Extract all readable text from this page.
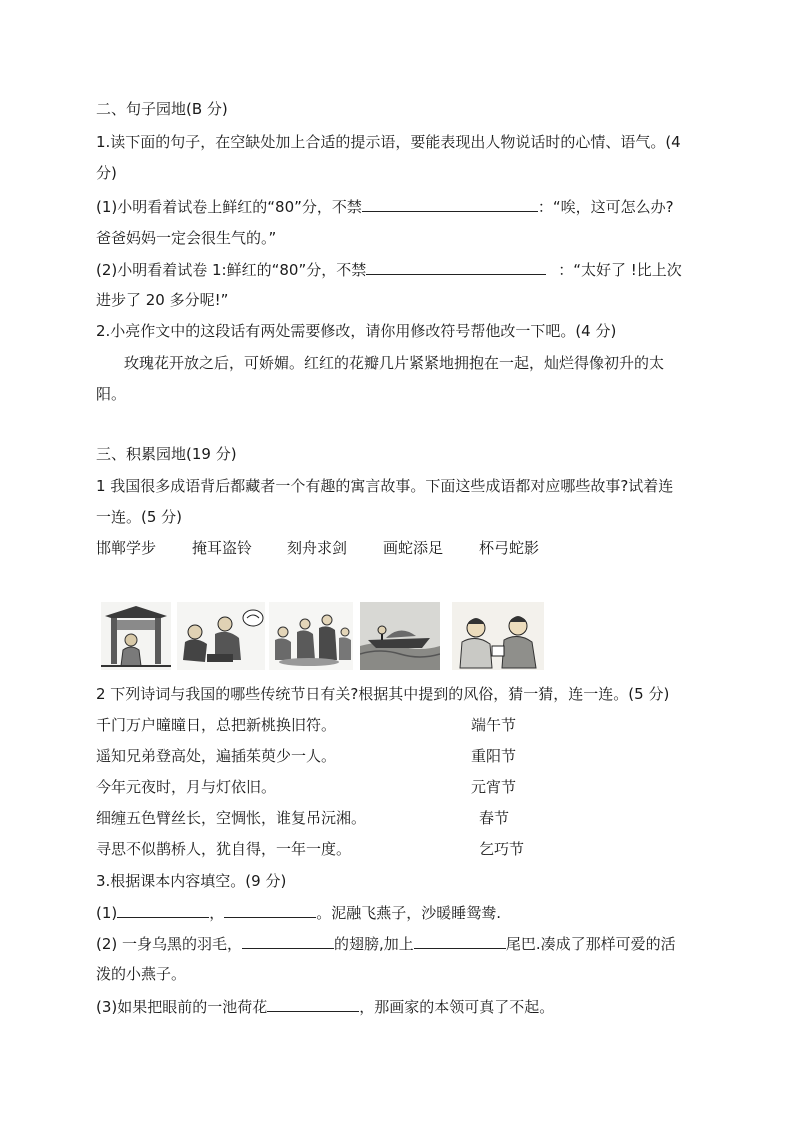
二、句子园地(B 分)
1.读下面的句子，在空缺处加上合适的提示语，要能表现出人物说话时的心情、语气。(4
分)
(1)小明看着试卷上鲜红的“80”分，不禁	：“唉，这可怎么办?
爸爸妈妈一定会很生气的。”
(2)小明看着试卷 1:鲜红的“80”分，不禁	：“太好了 !比上次
进步了 20 多分呢!”
2.小亮作文中的这段话有两处需要修改，请你用修改符号帮他改一下吧。(4 分)
玫瑰花开放之后，可娇媚。红红的花瓣几片紧紧地拥抱在一起，灿烂得像初升的太
阳。
三、积累园地(19 分)
1 我国很多成语背后都藏者一个有趣的寓言故事。下面这些成语都对应哪些故事?试着连
一连。(5 分)
邯郸学步 掩耳盗铃 刻舟求剑 画蛇添足 杯弓蛇影
2 下列诗词与我国的哪些传统节日有关?根据其中提到的风俗，猜一猜，连一连。(5 分)
千门万户曈曈日，总把新桃换旧符。
遥知兄弟登高处，遍插茱萸少一人。
今年元夜时，月与灯依旧。
细缠五色臂丝长，空惆怅，谁复吊沅湘。
寻思不似鹊桥人，犹自得，一年一度。
端午节
重阳节
元宵节
春节
乞巧节
3.根据课本内容填空。(9 分)
(1)	，	。泥融飞燕子，沙暖睡鸳鸯.
(2) 一身乌黑的羽毛，	的翅膀,加上	尾巴.凑成了那样可爱的活
泼的小燕子。
(3)如果把眼前的一池荷花	，那画家的本领可真了不起。
